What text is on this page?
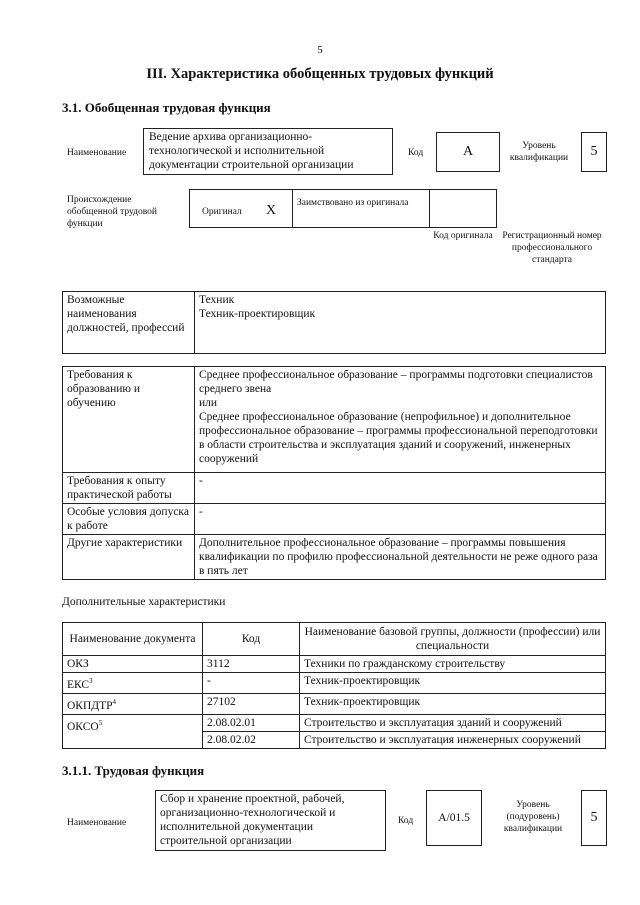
5
III. Характеристика обобщенных трудовых функций
3.1. Обобщенная трудовая функция
Наименование
Ведение архива организационно-технологической и исполнительной документации строительной организации
Код	А	Уровень квалификации	5
Происхождение обобщенной трудовой функции
Оригинал X Заимствовано из оригинала
Код оригинала	Регистрационный номер профессионального стандарта
Возможные наименования должностей, профессий	
Техник
Техник-проектировщик
Требования к образованию и обучению	Среднее профессиональное образование – программы подготовки специалистов среднего звена
или
Среднее профессиональное образование (непрофильное) и дополнительное профессиональное образование – программы профессиональной переподготовки в области строительства и эксплуатация зданий и сооружений, инженерных сооружений
Требования к опыту практической работы	-
Особые условия допуска к работе	-
Другие характеристики	Дополнительное профессиональное образование – программы повышения квалификации по профилю профессиональной деятельности не реже одного раза в пять лет
Дополнительные характеристики
Наименование документа	Код	Наименование базовой группы, должности (профессии) или специальности
ОКЗ	3112	Техники по гражданскому строительству
ЕКС$^3$	-	Техник-проектировщик
ОКПДТР$^4$	27102	Техник-проектировщик
ОКСО$^5$	2.08.02.01	Строительство и эксплуатация зданий и сооружений
	2.08.02.02	Строительство и эксплуатация инженерных сооружений
3.1.1. Трудовая функция
Наименование
Сбор и хранение проектной, рабочей, организационно-технологической и исполнительной документации строительной организации
Код	A/01.5
Уровень (подуровень) квалификации
5
